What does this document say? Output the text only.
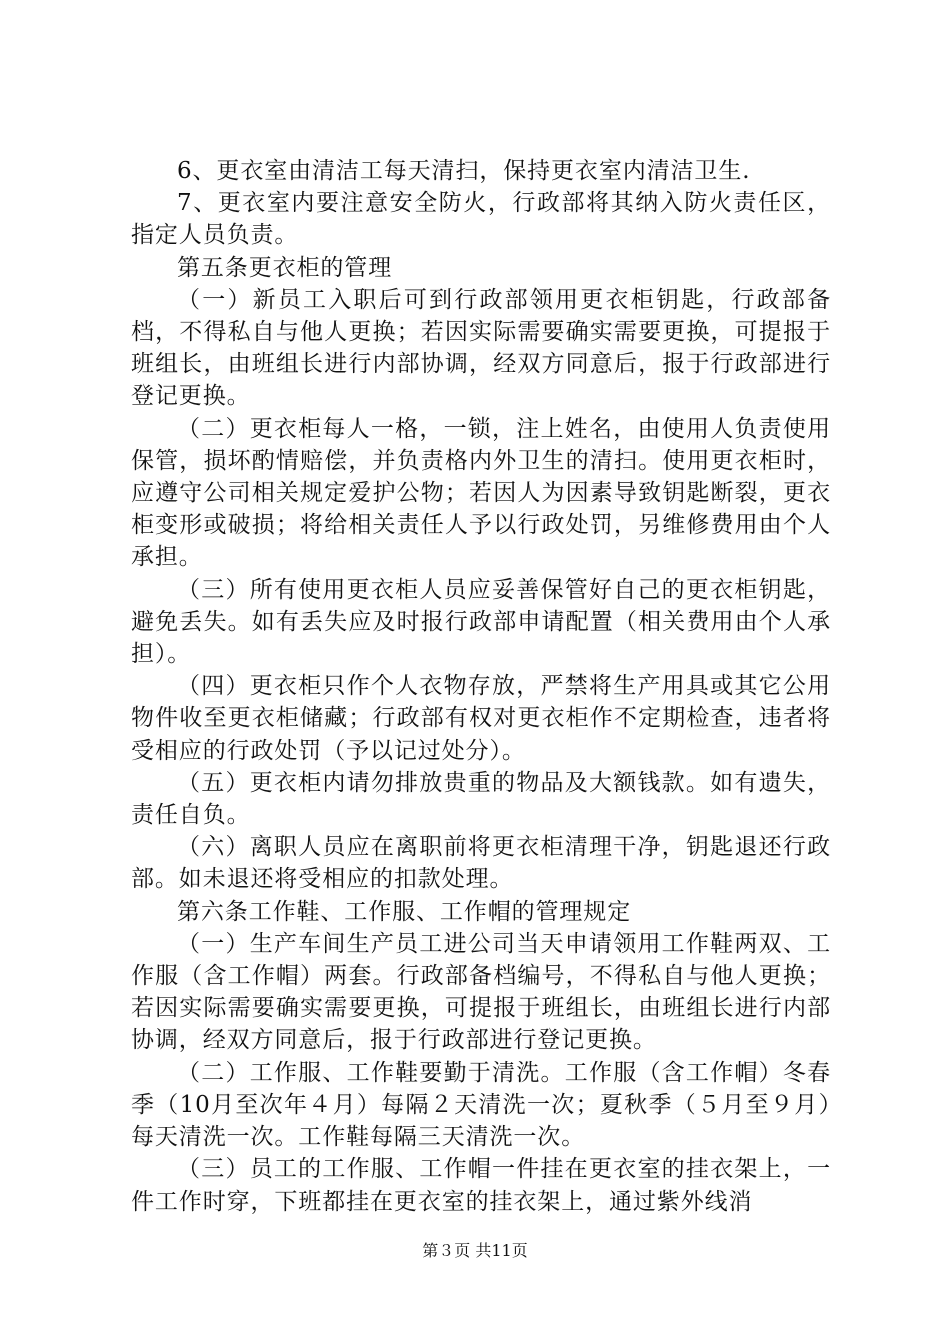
6、更衣室由清洁工每天清扫，保持更衣室内清洁卫生.

7、更衣室内要注意安全防火，行政部将其纳入防火责任区，指定人员负责。

第五条更衣柜的管理

（一）新员工入职后可到行政部领用更衣柜钥匙，行政部备档，不得私自与他人更换；若因实际需要确实需要更换，可提报于班组长，由班组长进行内部协调，经双方同意后，报于行政部进行登记更换。

（二）更衣柜每人一格，一锁，注上姓名，由使用人负责使用保管，损坏酌情赔偿，并负责格内外卫生的清扫。使用更衣柜时，应遵守公司相关规定爱护公物；若因人为因素导致钥匙断裂，更衣柜变形或破损；将给相关责任人予以行政处罚，另维修费用由个人承担。

（三）所有使用更衣柜人员应妥善保管好自己的更衣柜钥匙，避免丢失。如有丢失应及时报行政部申请配置（相关费用由个人承担）。

（四）更衣柜只作个人衣物存放，严禁将生产用具或其它公用物件收至更衣柜储藏；行政部有权对更衣柜作不定期检查，违者将受相应的行政处罚（予以记过处分）。

（五）更衣柜内请勿排放贵重的物品及大额钱款。如有遗失，责任自负。

（六）离职人员应在离职前将更衣柜清理干净，钥匙退还行政部。如未退还将受相应的扣款处理。

第六条工作鞋、工作服、工作帽的管理规定

（一）生产车间生产员工进公司当天申请领用工作鞋两双、工作服（含工作帽）两套。行政部备档编号，不得私自与他人更换；若因实际需要确实需要更换，可提报于班组长，由班组长进行内部协调，经双方同意后，报于行政部进行登记更换。

（二）工作服、工作鞋要勤于清洗。工作服（含工作帽）冬春季（10月至次年４月）每隔２天清洗一次；夏秋季（５月至９月）每天清洗一次。工作鞋每隔三天清洗一次。

（三）员工的工作服、工作帽一件挂在更衣室的挂衣架上，一件工作时穿，下班都挂在更衣室的挂衣架上，通过紫外线消

第３页 共11页
